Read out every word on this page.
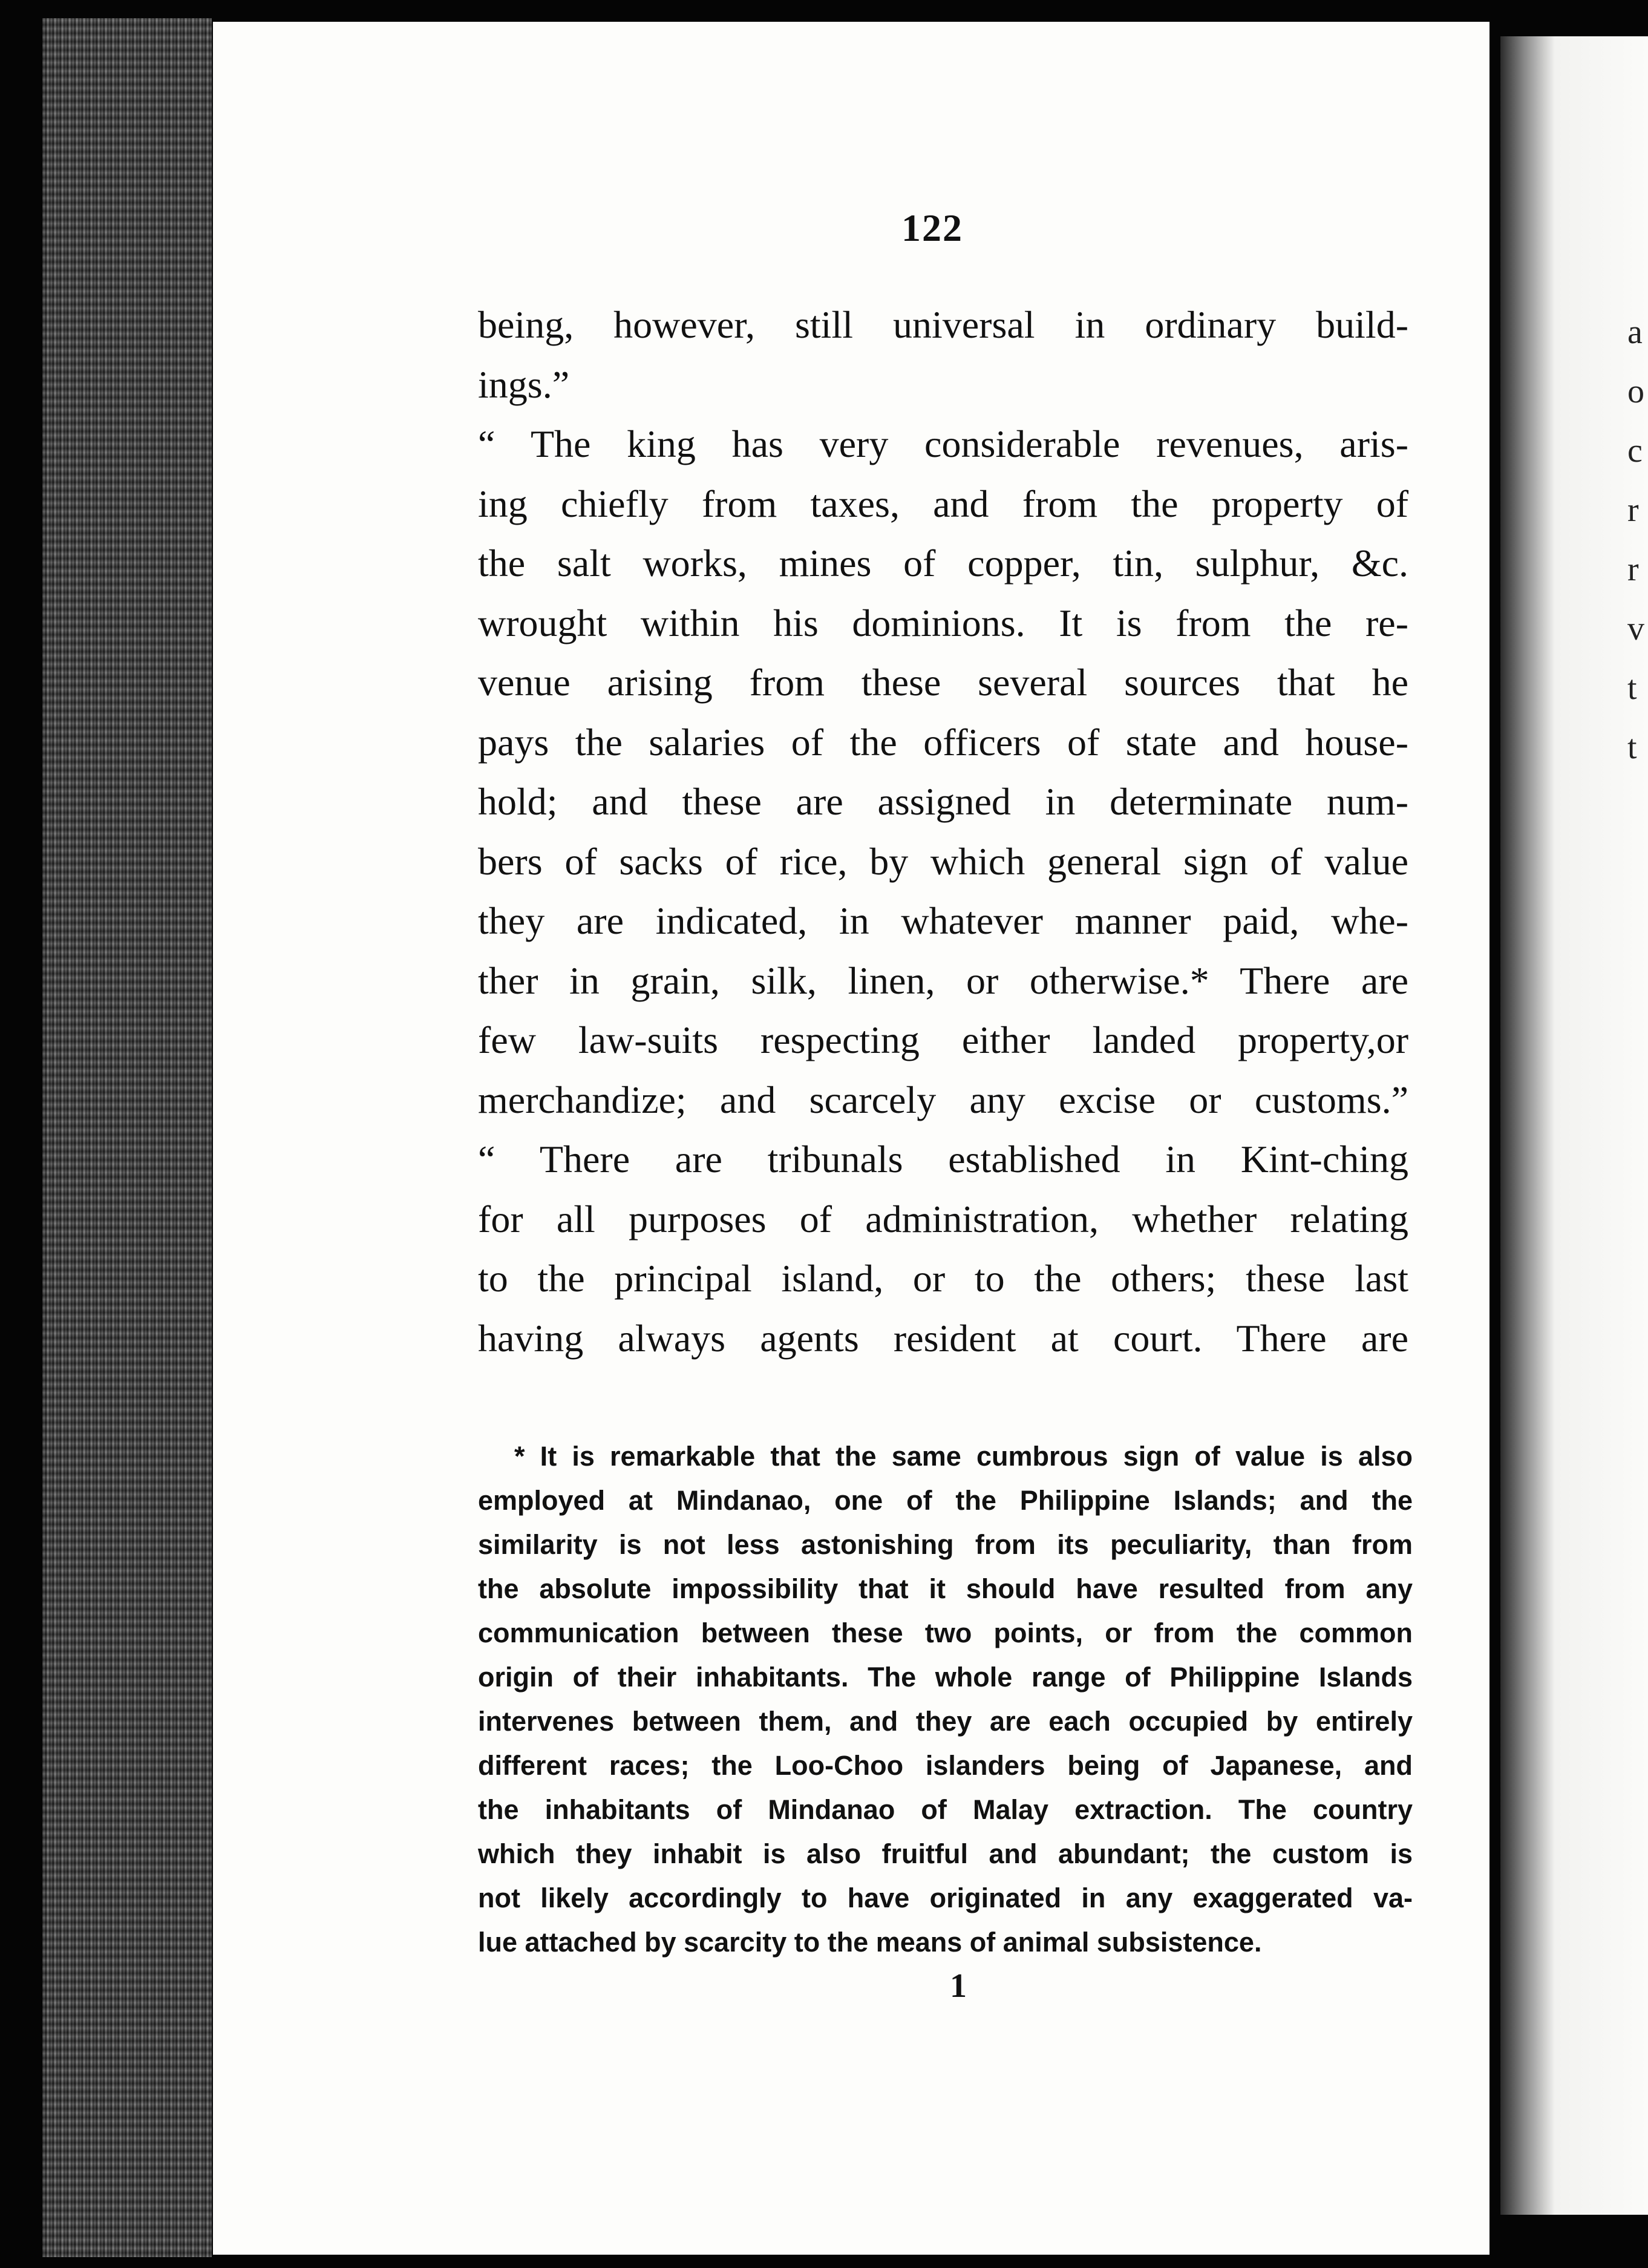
a
o
c
r
r
v
t
t
122
being, however, still universal in ordinary build-
ings.”
“ The king has very considerable revenues, aris-
ing chiefly from taxes, and from the property of
the salt works, mines of copper, tin, sulphur, &c.
wrought within his dominions. It is from the re-
venue arising from these several sources that he
pays the salaries of the officers of state and house-
hold; and these are assigned in determinate num-
bers of sacks of rice, by which general sign of value
they are indicated, in whatever manner paid, whe-
ther in grain, silk, linen, or otherwise.* There are
few law-suits respecting either landed property,or
merchandize; and scarcely any excise or customs.”
“ There are tribunals established in Kint-ching
for all purposes of administration, whether relating
to the principal island, or to the others; these last
having always agents resident at court. There are
* It is remarkable that the same cumbrous sign of value is also
employed at Mindanao, one of the Philippine Islands; and the
similarity is not less astonishing from its peculiarity, than from
the absolute impossibility that it should have resulted from any
communication between these two points, or from the common
origin of their inhabitants. The whole range of Philippine Islands
intervenes between them, and they are each occupied by entirely
different races; the Loo-Choo islanders being of Japanese, and
the inhabitants of Mindanao of Malay extraction. The country
which they inhabit is also fruitful and abundant; the custom is
not likely accordingly to have originated in any exaggerated va-
lue attached by scarcity to the means of animal subsistence.
1
